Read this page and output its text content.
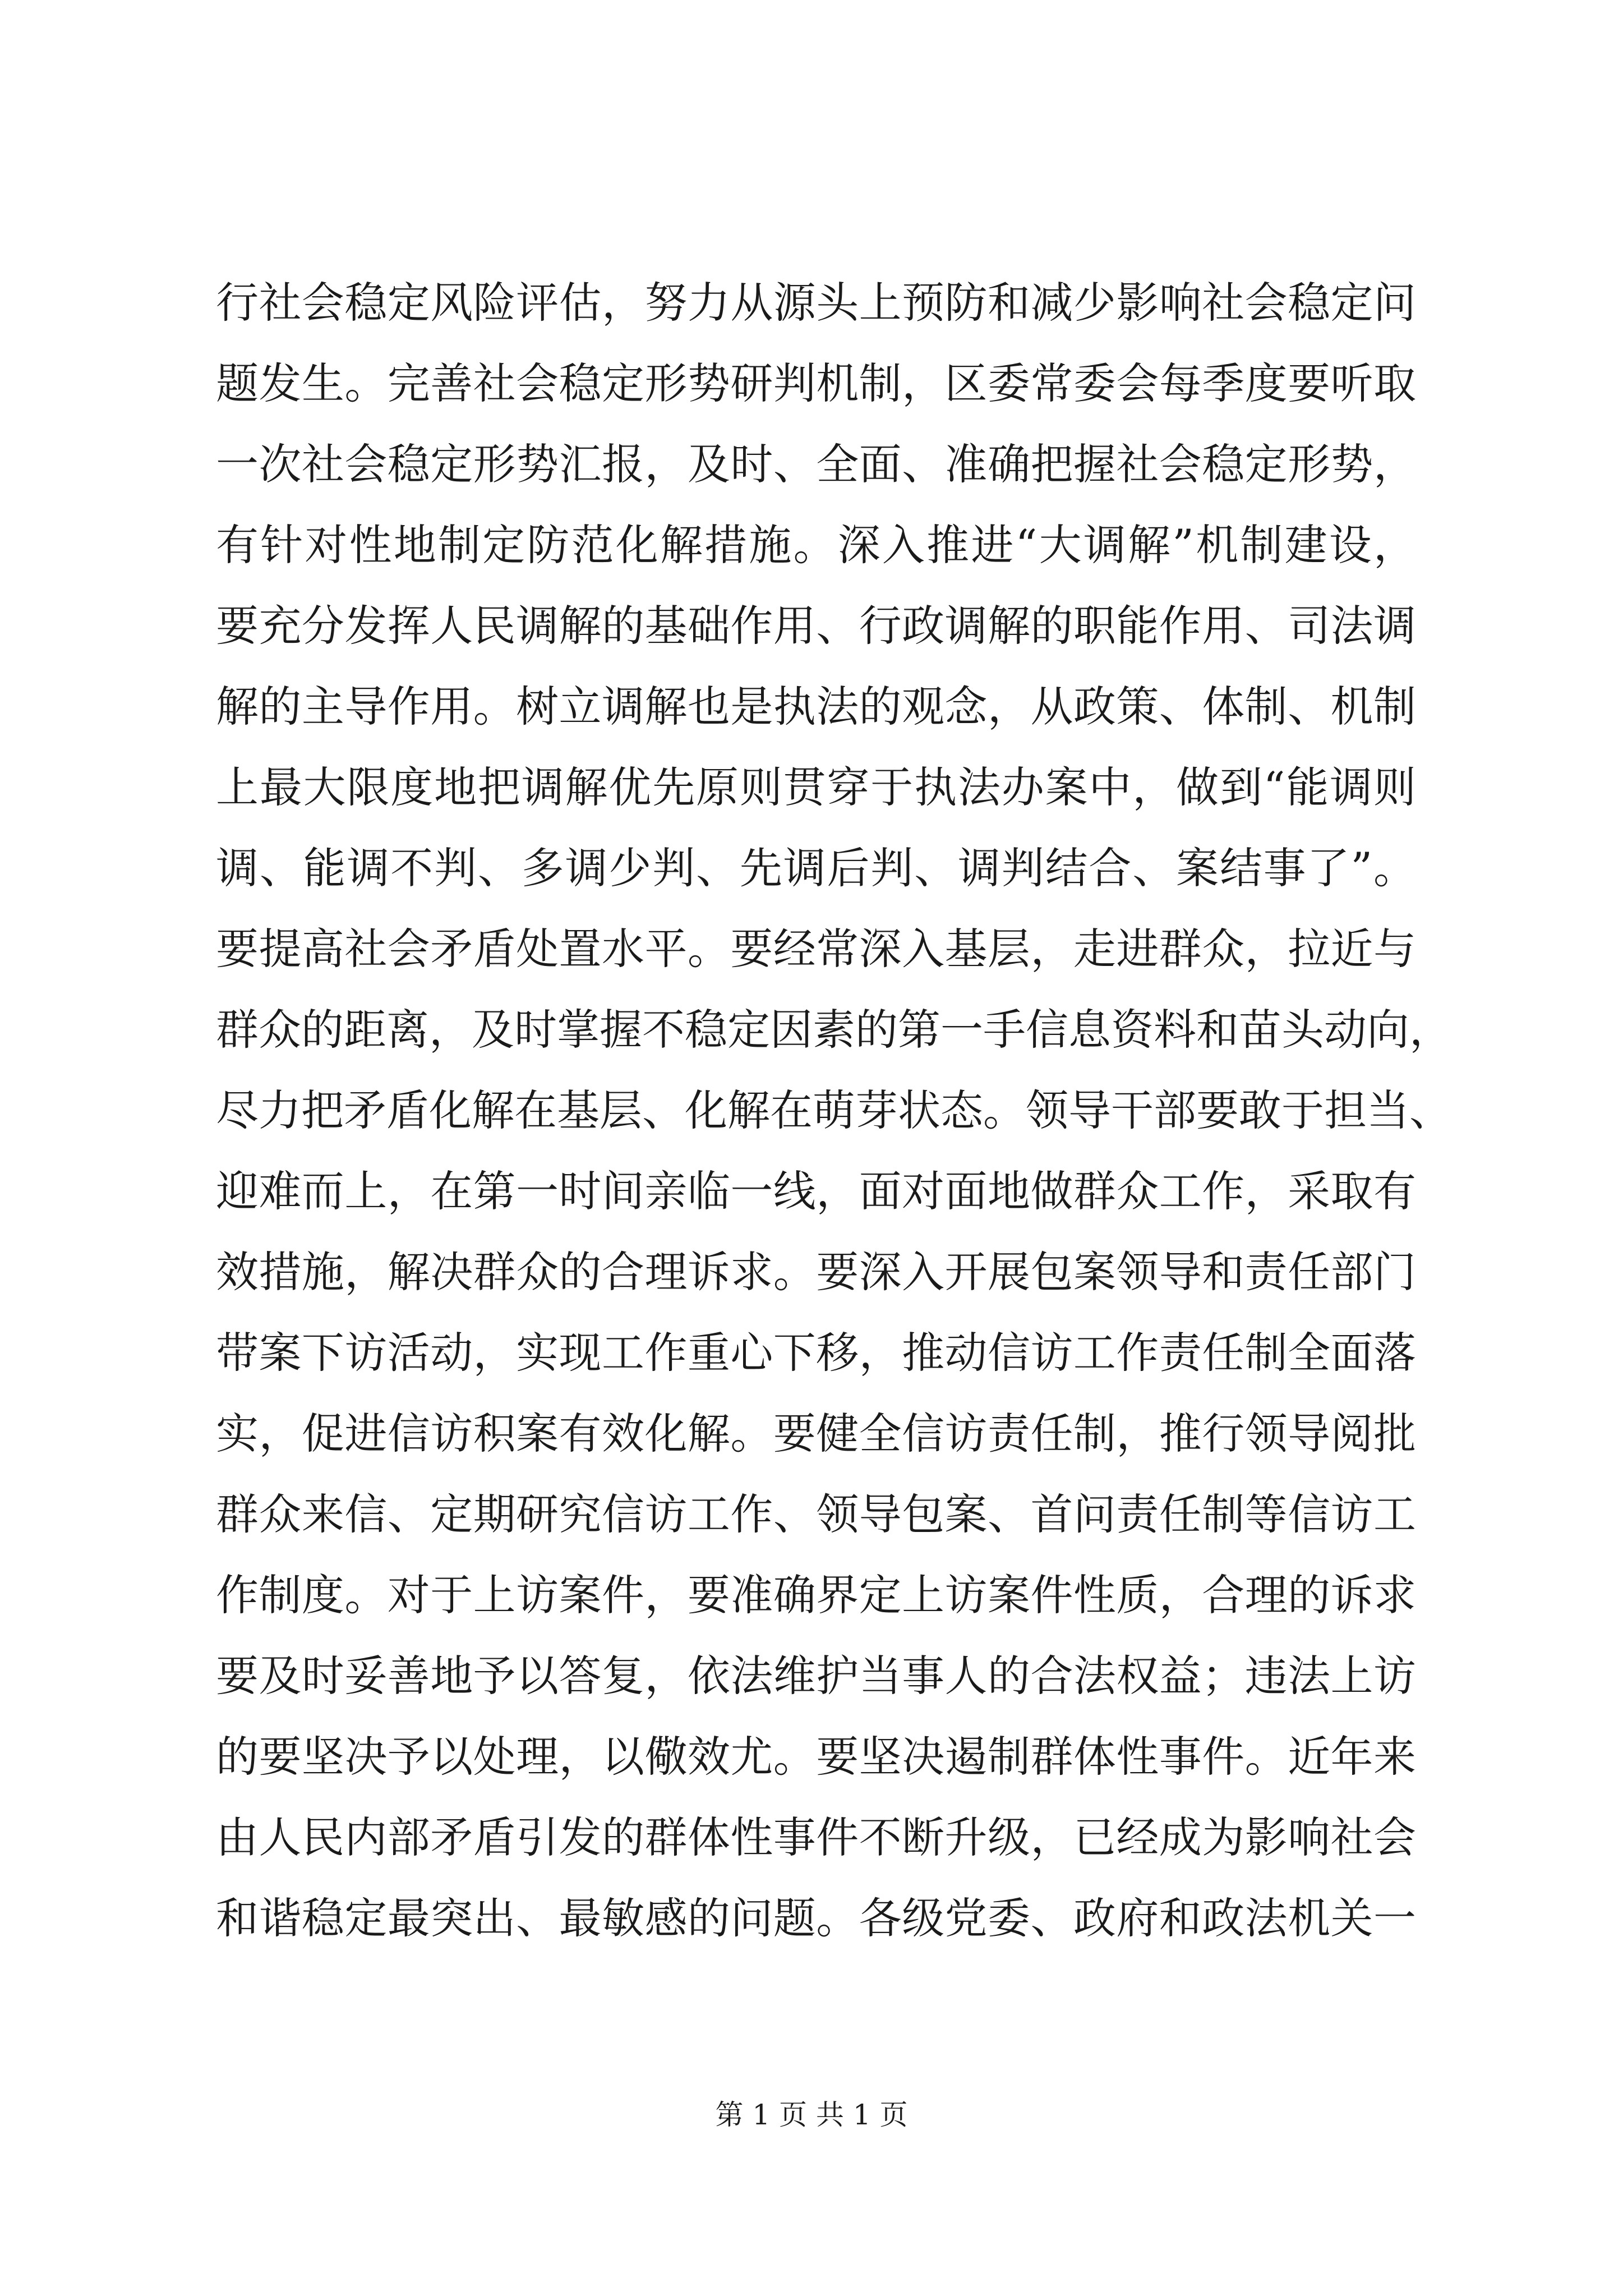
行社会稳定风险评估，努力从源头上预防和减少影响社会稳定问
题发生。完善社会稳定形势研判机制，区委常委会每季度要听取
一次社会稳定形势汇报，及时、全面、准确把握社会稳定形势，
有针对性地制定防范化解措施。深入推进“大调解”机制建设，
要充分发挥人民调解的基础作用、行政调解的职能作用、司法调
解的主导作用。树立调解也是执法的观念，从政策、体制、机制
上最大限度地把调解优先原则贯穿于执法办案中，做到“能调则
调、能调不判、多调少判、先调后判、调判结合、案结事了”。
要提高社会矛盾处置水平。要经常深入基层，走进群众，拉近与
群众的距离，及时掌握不稳定因素的第一手信息资料和苗头动向，
尽力把矛盾化解在基层、化解在萌芽状态。领导干部要敢于担当、
迎难而上，在第一时间亲临一线，面对面地做群众工作，采取有
效措施，解决群众的合理诉求。要深入开展包案领导和责任部门
带案下访活动，实现工作重心下移，推动信访工作责任制全面落
实，促进信访积案有效化解。要健全信访责任制，推行领导阅批
群众来信、定期研究信访工作、领导包案、首问责任制等信访工
作制度。对于上访案件，要准确界定上访案件性质，合理的诉求
要及时妥善地予以答复，依法维护当事人的合法权益；违法上访
的要坚决予以处理，以儆效尤。要坚决遏制群体性事件。近年来
由人民内部矛盾引发的群体性事件不断升级，已经成为影响社会
和谐稳定最突出、最敏感的问题。各级党委、政府和政法机关一
第 1 页 共 1 页
